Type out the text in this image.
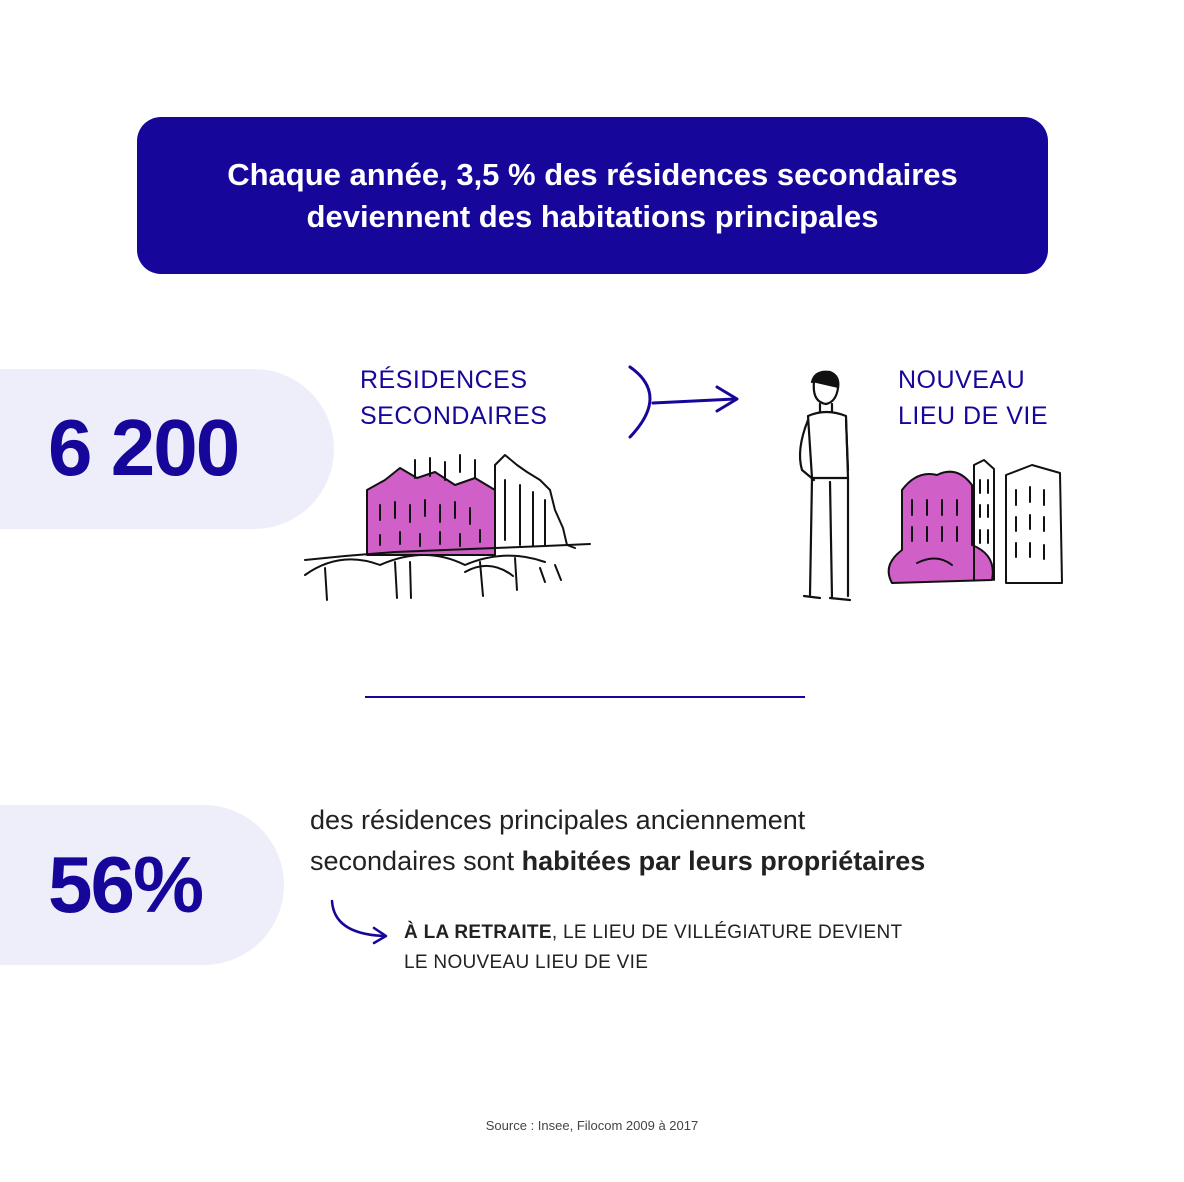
Chaque année, 3,5 % des résidences secondaires
deviennent des habitations principales
6 200
RÉSIDENCES
SECONDAIRES
NOUVEAU
LIEU DE VIE
56%
des résidences principales anciennement
secondaires sont habitées par leurs propriétaires
À LA RETRAITE, LE LIEU DE VILLÉGIATURE DEVIENT
LE NOUVEAU LIEU DE VIE
Source : Insee, Filocom 2009 à 2017
